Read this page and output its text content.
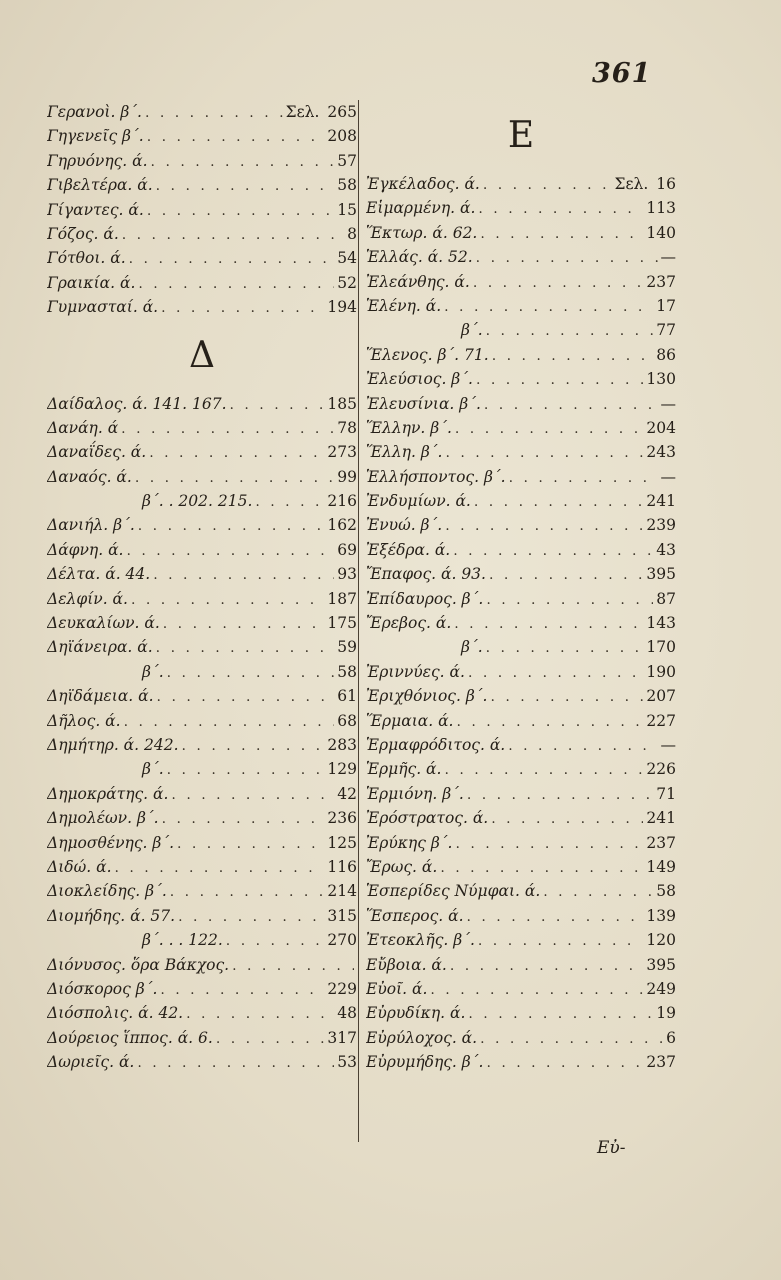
361
Γερανοὶ. β΄. . . .	Σελ. 265
Γηγενεῖς β΄. . . .	208
Γηρυόνης. ά. . . .	57
Γιβελτέρα. ά. . . .	58
Γίγαντες. ά. . . .	15
Γόζος. ά. . . .	8
Γότθοι. ά. . . .	54
Γραικία. ά. . . .	52
Γυμνασταί. ά. . . .	194
Δ
Δαίδαλος. ά. 141. 167. . . .	185
Δανάη. ά . . .	78
Δαναΐδες. ά. . . .	273
Δαναός. ά. . . .	99
β΄. . 202. 215. . . .	216
Δανιήλ. β΄. . . .	162
Δάφνη. ά. . . .	69
Δέλτα. ά. 44. . . .	93
Δελφίν. ά. . . .	187
Δευκαλίων. ά. . . .	175
Δηϊάνειρα. ά. . . .	59
β΄. . . .	58
Δηϊδάμεια. ά. . . .	61
Δῆλος. ά. . . .	68
Δημήτηρ. ά. 242. . . .	283
β΄. . . .	129
Δημοκράτης. ά. . . .	42
Δημολέων. β΄. . . .	236
Δημοσθένης. β΄. . . .	125
Διδώ. ά. . . .	116
Διοκλείδης. β΄. . . .	214
Διομήδης. ά. 57. . . .	315
β΄. . . 122. . . .	270
Διόνυσος. ὅρα Βάκχος.
. . .
Διόσκορος β΄. . . .	229
Διόσπολις. ά. 42. . . .	48
Δούρειος ἵππος. ά. 6. . . .	317
Δωριεῖς. ά. . . .	53
Ε
Ἐγκέλαδος. ά. . . .	Σελ. 16
Εἱμαρμένη. ά. . . .	113
Ἕκτωρ. ά. 62. . . .	140
Ἑλλάς. ά. 52. . . .	—
Ἐλεάνθης. ά. . . .	237
Ἑλένη. ά. . . .	17
β΄. . . .	77
Ἕλενος. β΄. 71. . . .	86
Ἐλεύσιος. β΄. . . .	130
Ἐλευσίνια. β΄. . . .	—
Ἕλλην. β΄. . . .	204
Ἕλλη. β΄. . . .	243
Ἑλλήσποντος. β΄. . . .	—
Ἐνδυμίων. ά. . . .	241
Ἐνυώ. β΄. . . .	239
Ἐξέδρα. ά. . . .	43
Ἔπαφος. ά. 93. . . .	395
Ἐπίδαυρος. β΄. . . .	87
Ἔρεβος. ά. . . .	143
β΄. . . .	170
Ἐριννύες. ά. . . .	190
Ἐριχθόνιος. β΄. . . .	207
Ἕρμαια. ά. . . .	227
Ἑρμαφρόδιτος. ά. . . .	—
Ἑρμῆς. ά. . . .	226
Ἑρμιόνη. β΄. . . .	71
Ἐρόστρατος. ά. . . .	241
Ἐρύκης β΄. . . .	237
Ἔρως. ά. . . .	149
Ἑσπερίδες Νύμφαι. ά. . . .	58
Ἕσπερος. ά. . . .	139
Ἐτεοκλῆς. β΄. . . .	120
Εὔβοια. ά. . . .	395
Εὐοῖ. ά. . . .	249
Εὐρυδίκη. ά. . . .	19
Εὐρύλοχος. ά. . . .	6
Εὐρυμήδης. β΄. . . .	237
Εὐ-
